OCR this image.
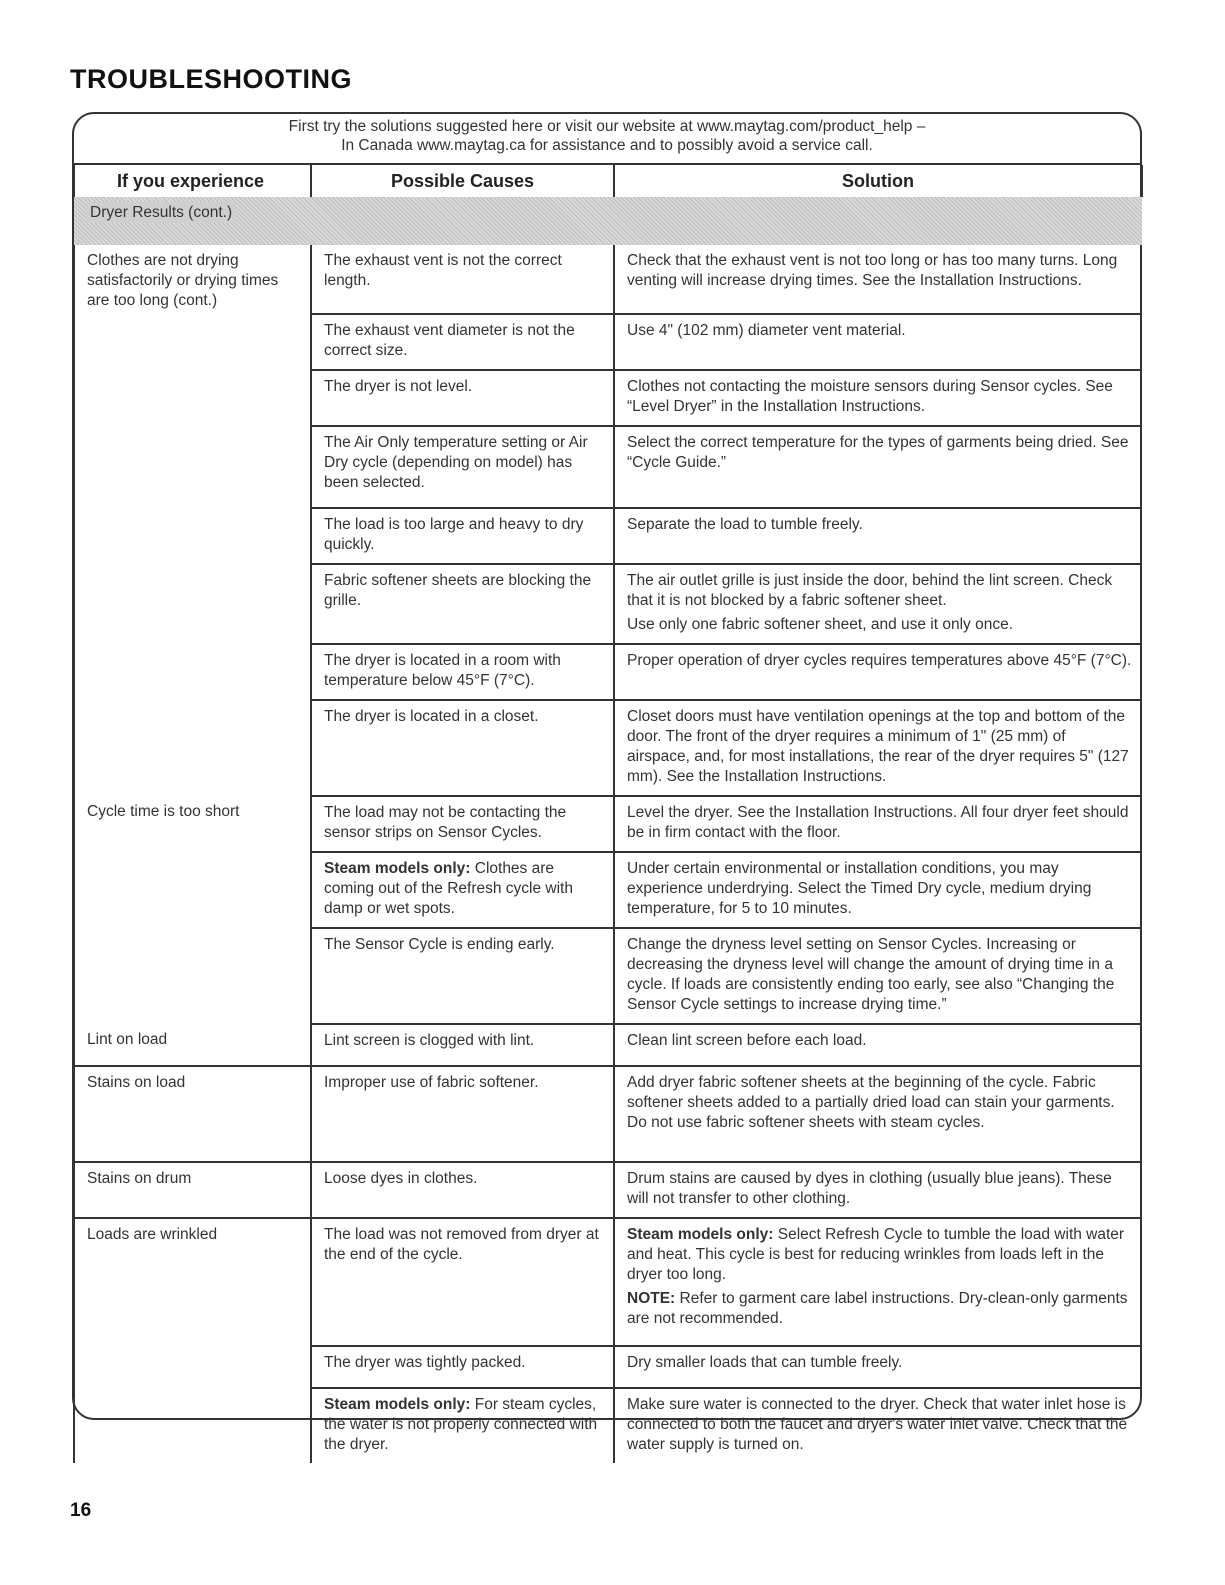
TROUBLESHOOTING
First try the solutions suggested here or visit our website at www.maytag.com/product_help –
In Canada www.maytag.ca for assistance and to possibly avoid a service call.
If you experience	Possible Causes	Solution
Dryer Results (cont.)		
Clothes are not drying satisfactorily or drying times are too long (cont.)	The exhaust vent is not the correct length.	Check that the exhaust vent is not too long or has too many turns. Long venting will increase drying times. See the Installation Instructions.
	The exhaust vent diameter is not the correct size.	Use 4" (102 mm) diameter vent material.
	The dryer is not level.	Clothes not contacting the moisture sensors during Sensor cycles. See “Level Dryer” in the Installation Instructions.
	The Air Only temperature setting or Air Dry cycle (depending on model) has been selected.	Select the correct temperature for the types of garments being dried. See “Cycle Guide.”
	The load is too large and heavy to dry quickly.	Separate the load to tumble freely.
	Fabric softener sheets are blocking the grille.	The air outlet grille is just inside the door, behind the lint screen. Check that it is not blocked by a fabric softener sheet.
Use only one fabric softener sheet, and use it only once.

	The dryer is located in a room with temperature below 45°F (7°C).	Proper operation of dryer cycles requires temperatures above 45°F (7°C).
	The dryer is located in a closet.	Closet doors must have ventilation openings at the top and bottom of the door. The front of the dryer requires a minimum of 1" (25 mm) of airspace, and, for most installations, the rear of the dryer requires 5" (127 mm). See the Installation Instructions.
Cycle time is too short	The load may not be contacting the sensor strips on Sensor Cycles.	Level the dryer. See the Installation Instructions. All four dryer feet should be in firm contact with the floor.
	Steam models only: Clothes are coming out of the Refresh cycle with damp or wet spots.	Under certain environmental or installation conditions, you may experience underdrying. Select the Timed Dry cycle, medium drying temperature, for 5 to 10 minutes.
	The Sensor Cycle is ending early.	Change the dryness level setting on Sensor Cycles. Increasing or decreasing the dryness level will change the amount of drying time in a cycle. If loads are consistently ending too early, see also “Changing the Sensor Cycle settings to increase drying time.”
Lint on load	Lint screen is clogged with lint.	Clean lint screen before each load.
Stains on load	Improper use of fabric softener.	Add dryer fabric softener sheets at the beginning of the cycle. Fabric softener sheets added to a partially dried load can stain your garments. Do not use fabric softener sheets with steam cycles.
Stains on drum	Loose dyes in clothes.	Drum stains are caused by dyes in clothing (usually blue jeans). These will not transfer to other clothing.
Loads are wrinkled	The load was not removed from dryer at the end of the cycle.	Steam models only: Select Refresh Cycle to tumble the load with water and heat. This cycle is best for reducing wrinkles from loads left in the dryer too long.
NOTE: Refer to garment care label instructions. Dry-clean-only garments are not recommended.

	The dryer was tightly packed.	Dry smaller loads that can tumble freely.
	Steam models only: For steam cycles, the water is not properly connected with the dryer.	Make sure water is connected to the dryer. Check that water inlet hose is connected to both the faucet and dryer's water inlet valve. Check that the water supply is turned on.
16
